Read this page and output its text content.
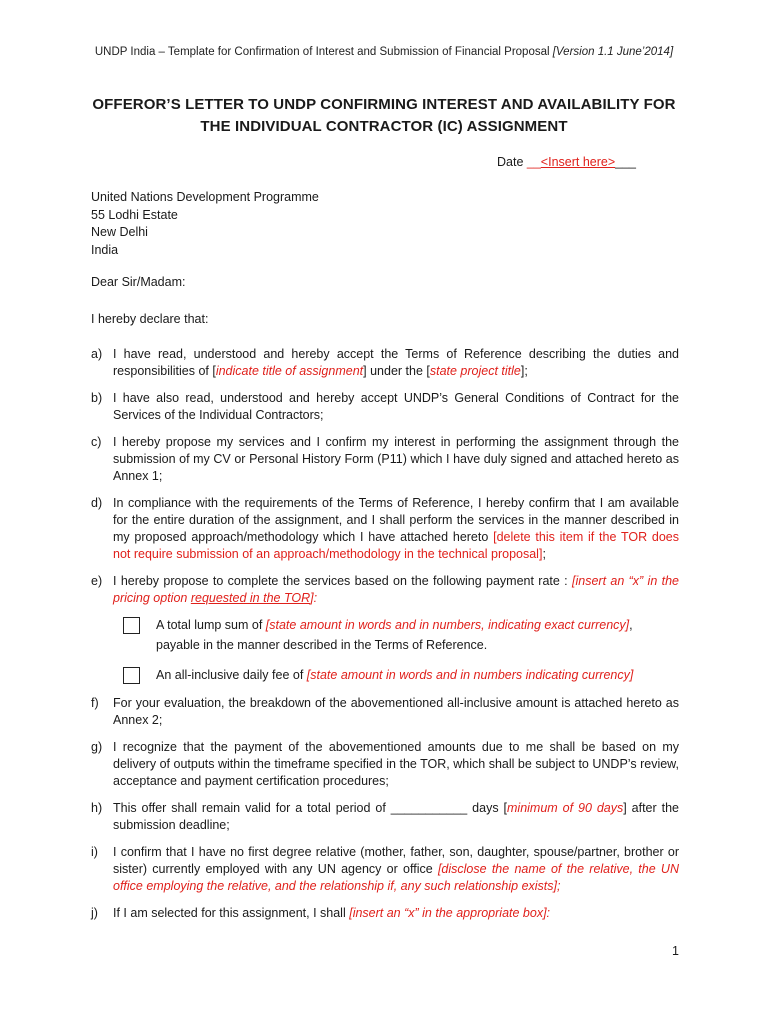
UNDP India – Template for Confirmation of Interest and Submission of Financial Proposal [Version 1.1 June’2014]
OFFEROR’S LETTER TO UNDP CONFIRMING INTEREST AND AVAILABILITY FOR
THE INDIVIDUAL CONTRACTOR (IC) ASSIGNMENT
Date __<Insert here>___
United Nations Development Programme
55 Lodhi Estate
New Delhi
India
Dear Sir/Madam:
I hereby declare that:
a) I have read, understood and hereby accept the Terms of Reference describing the duties and responsibilities of [indicate title of assignment] under the [state project title];
b) I have also read, understood and hereby accept UNDP’s General Conditions of Contract for the Services of the Individual Contractors;
c) I hereby propose my services and I confirm my interest in performing the assignment through the submission of my CV or Personal History Form (P11) which I have duly signed and attached hereto as Annex 1;
d) In compliance with the requirements of the Terms of Reference, I hereby confirm that I am available for the entire duration of the assignment, and I shall perform the services in the manner described in my proposed approach/methodology which I have attached hereto [delete this item if the TOR does not require submission of an approach/methodology in the technical proposal];
e) I hereby propose to complete the services based on the following payment rate : [insert an “x” in the pricing option requested in the TOR]:
A total lump sum of [state amount in words and in numbers, indicating exact currency],
payable in the manner described in the Terms of Reference.
An all-inclusive daily fee of [state amount in words and in numbers indicating currency]
f)	For your evaluation, the breakdown of the abovementioned all-inclusive amount is attached hereto as Annex 2;
g) I recognize that the payment of the abovementioned amounts due to me shall be based on my delivery of outputs within the timeframe specified in the TOR, which shall be subject to UNDP’s review, acceptance and payment certification procedures;
h) This offer shall remain valid for a total period of ___________ days [minimum of 90 days] after the submission deadline;
i)	I confirm that I have no first degree relative (mother, father, son, daughter, spouse/partner, brother or sister) currently employed with any UN agency or office [disclose the name of the relative, the UN office employing the relative, and the relationship if, any such relationship exists];
j)	If I am selected for this assignment, I shall [insert an “x” in the appropriate box]:
1
